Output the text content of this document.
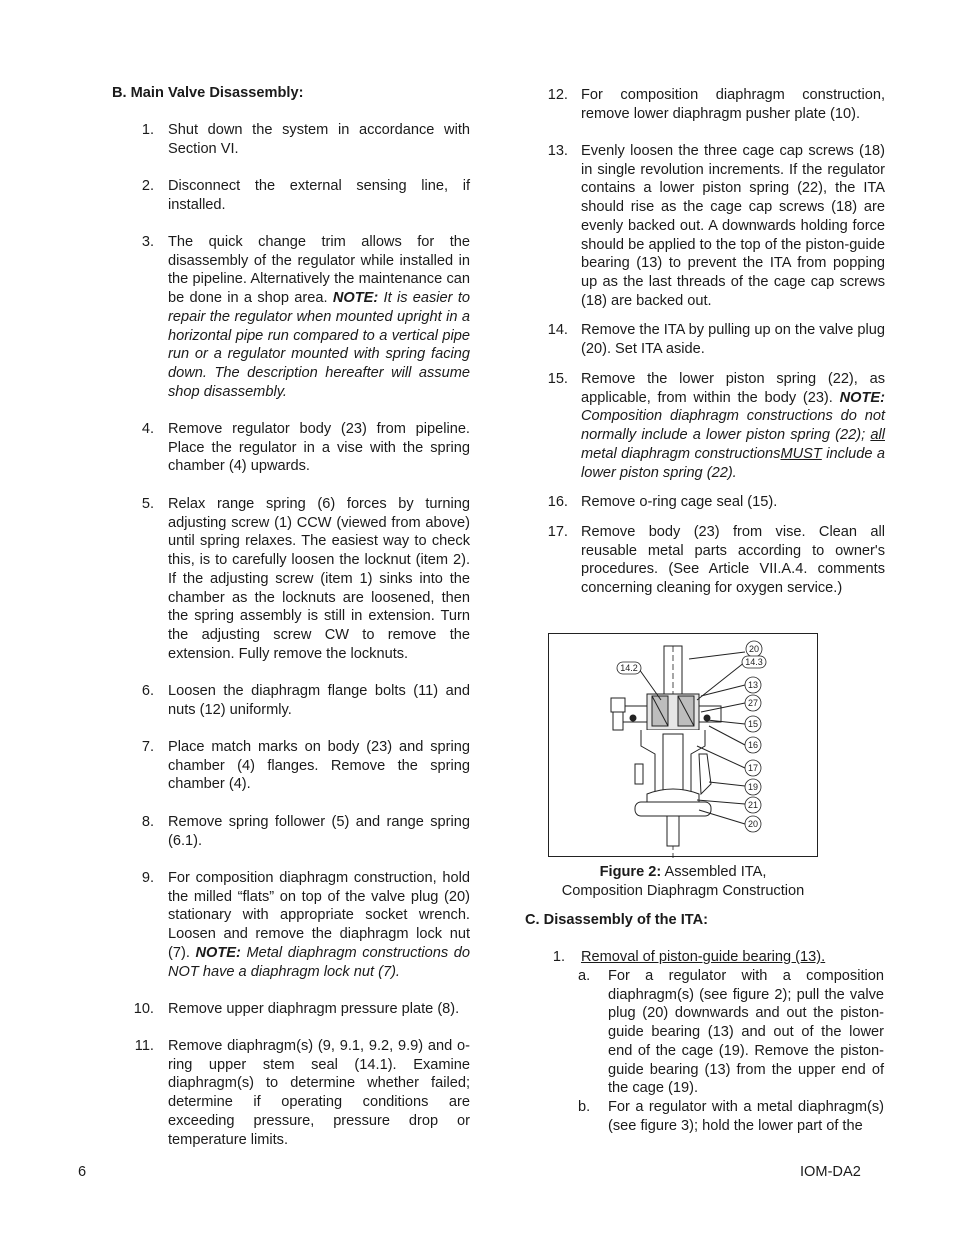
B. Main Valve Disassembly:
1. Shut down the system in accordance with Section VI.
2. Disconnect the external sensing line, if installed.
3. The quick change trim allows for the disassembly of the regulator while installed in the pipeline. Alternatively the maintenance can be done in a shop area. NOTE: It is easier to repair the regulator when mounted upright in a horizontal pipe run compared to a vertical pipe run or a regulator mounted with spring facing down. The description hereafter will assume shop disassembly.
4. Remove regulator body (23) from pipeline. Place the regulator in a vise with the spring chamber (4) upwards.
5. Relax range spring (6) forces by turning adjusting screw (1) CCW (viewed from above) until spring relaxes. The easiest way to check this, is to carefully loosen the locknut (item 2). If the adjusting screw (item 1) sinks into the chamber as the locknuts are loosened, then the spring assembly is still in extension. Turn the adjusting screw CW to remove the extension. Fully remove the locknuts.
6. Loosen the diaphragm flange bolts (11) and nuts (12) uniformly.
7. Place match marks on body (23) and spring chamber (4) flanges. Remove the spring chamber (4).
8. Remove spring follower (5) and range spring (6.1).
9. For composition diaphragm construction, hold the milled “flats” on top of the valve plug (20) stationary with appropriate socket wrench. Loosen and remove the diaphragm lock nut (7). NOTE: Metal diaphragm constructions do NOT have a diaphragm lock nut (7).
10. Remove upper diaphragm pressure plate (8).
11. Remove diaphragm(s) (9, 9.1, 9.2, 9.9) and o-ring upper stem seal (14.1). Examine diaphragm(s) to determine whether failed; determine if operating conditions are exceeding pressure, pressure drop or temperature limits.
12. For composition diaphragm construction, remove lower diaphragm pusher plate (10).
13. Evenly loosen the three cage cap screws (18) in single revolution increments. If the regulator contains a lower piston spring (22), the ITA should rise as the cage cap screws (18) are evenly backed out. A downwards holding force should be applied to the top of the piston-guide bearing (13) to prevent the ITA from popping up as the last threads of the cage cap screws (18) are backed out.
14. Remove the ITA by pulling up on the valve plug (20). Set ITA aside.
15. Remove the lower piston spring (22), as applicable, from within the body (23). NOTE: Composition diaphragm constructions do not normally include a lower piston spring (22); all metal diaphragm constructionsMUST include a lower piston spring (22).
16. Remove o-ring cage seal (15).
17. Remove body (23) from vise. Clean all reusable metal parts according to owner's procedures. (See Article VII.A.4. comments concerning cleaning for oxygen service.)
14.2
20
14.3
13
27
15
16
17
19
21
20
Figure 2: Assembled ITA,
Composition Diaphragm Construction
C. Disassembly of the ITA:
1. Removal of piston-guide bearing (13).
a. For a regulator with a composition diaphragm(s) (see figure 2); pull the valve plug (20) downwards and out the piston-guide bearing (13) and out of the lower end of the cage (19). Remove the piston-guide bearing (13) from the upper end of the cage (19).
b. For a regulator with a metal diaphragm(s) (see figure 3); hold the lower part of the
6	IOM-DA2
